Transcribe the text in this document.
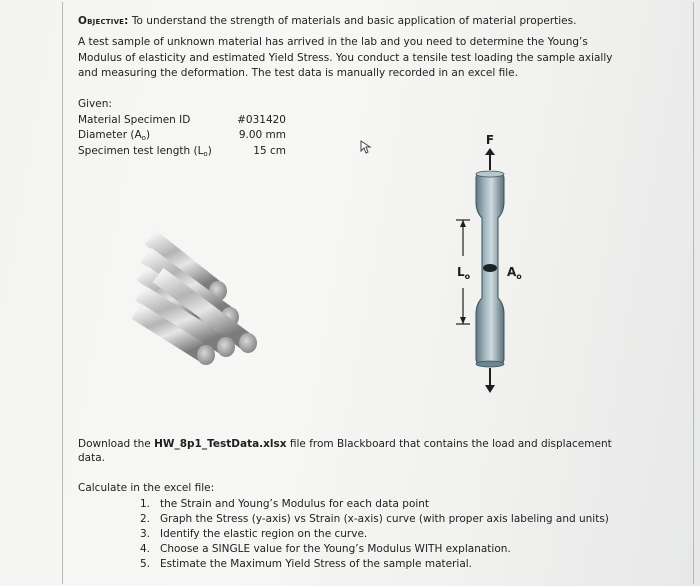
Objective: To understand the strength of materials and basic application of material properties.
A test sample of unknown material has arrived in the lab and you need to determine the Young’s
Modulus of elasticity and estimated Yield Stress. You conduct a tensile test loading the sample axially
and measuring the deformation. The test data is manually recorded in an excel file.
Given:
Material Specimen ID
Diameter $(A_o)$
Specimen test length $(L_o)$
#031420
9.00 mm
15 cm
F
$L_o$	$A_o$
Download the HW_8p1_TestData.xlsx file from Blackboard that contains the load and displacement
data.
Calculate in the excel file:
1. the Strain and Young’s Modulus for each data point
2. Graph the Stress (y-axis) vs Strain (x-axis) curve (with proper axis labeling and units)
3. Identify the elastic region on the curve.
4. Choose a SINGLE value for the Young’s Modulus WITH explanation.
5. Estimate the Maximum Yield Stress of the sample material.
